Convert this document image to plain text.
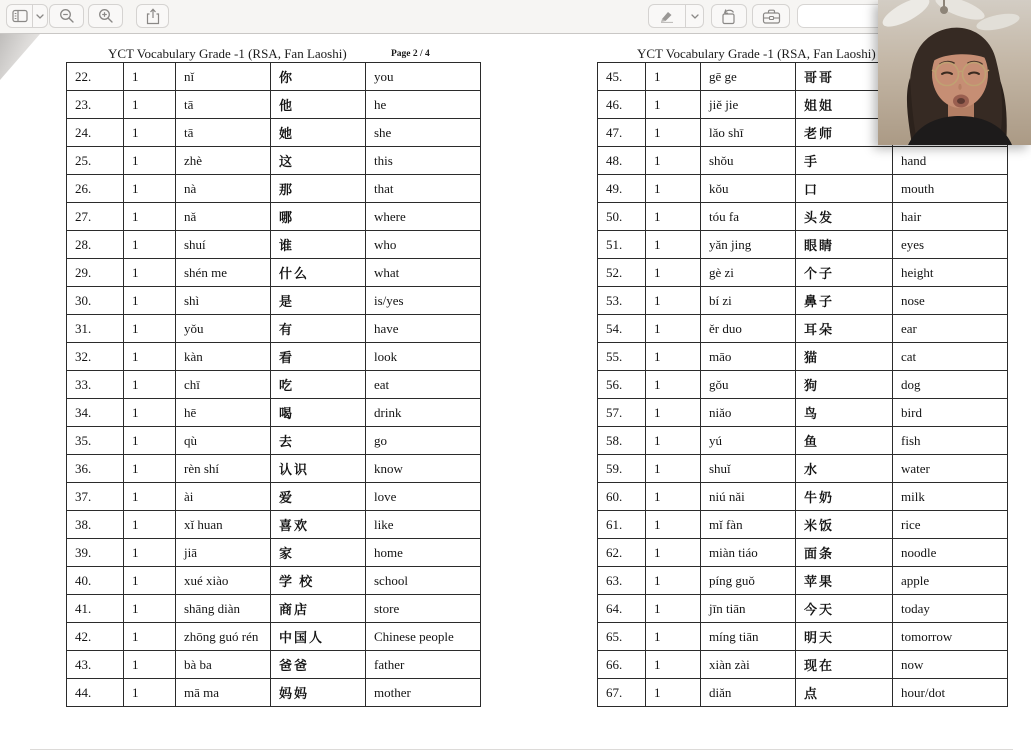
YCT Vocabulary Grade -1 (RSA, Fan Laoshi)	Page 2 / 4	YCT Vocabulary Grade -1 (RSA, Fan Laoshi)
22.	1	nǐ	你	you
23.	1	tā	他	he
24.	1	tā	她	she
25.	1	zhè	这	this
26.	1	nà	那	that
27.	1	nǎ	哪	where
28.	1	shuí	谁	who
29.	1	shén me	什么	what
30.	1	shì	是	is/yes
31.	1	yǒu	有	have
32.	1	kàn	看	look
33.	1	chī	吃	eat
34.	1	hē	喝	drink
35.	1	qù	去	go
36.	1	rèn shí	认识	know
37.	1	ài	爱	love
38.	1	xǐ huan	喜欢	like
39.	1	jiā	家	home
40.	1	xué xiào	学 校	school
41.	1	shāng diàn	商店	store
42.	1	zhōng guó rén	中国人	Chinese people
43.	1	bà ba	爸爸	father
44.	1	mā ma	妈妈	mother
45.	1	gē ge	哥哥	
46.	1	jiě jie	姐姐	
47.	1	lǎo shī	老师	
48.	1	shǒu	手	hand
49.	1	kǒu	口	mouth
50.	1	tóu fa	头发	hair
51.	1	yǎn jing	眼睛	eyes
52.	1	gè zi	个子	height
53.	1	bí zi	鼻子	nose
54.	1	ěr duo	耳朵	ear
55.	1	māo	猫	cat
56.	1	gǒu	狗	dog
57.	1	niǎo	鸟	bird
58.	1	yú	鱼	fish
59.	1	shuǐ	水	water
60.	1	niú nǎi	牛奶	milk
61.	1	mǐ fàn	米饭	rice
62.	1	miàn tiáo	面条	noodle
63.	1	píng guǒ	苹果	apple
64.	1	jīn tiān	今天	today
65.	1	míng tiān	明天	tomorrow
66.	1	xiàn zài	现在	now
67.	1	diǎn	点	hour/dot
